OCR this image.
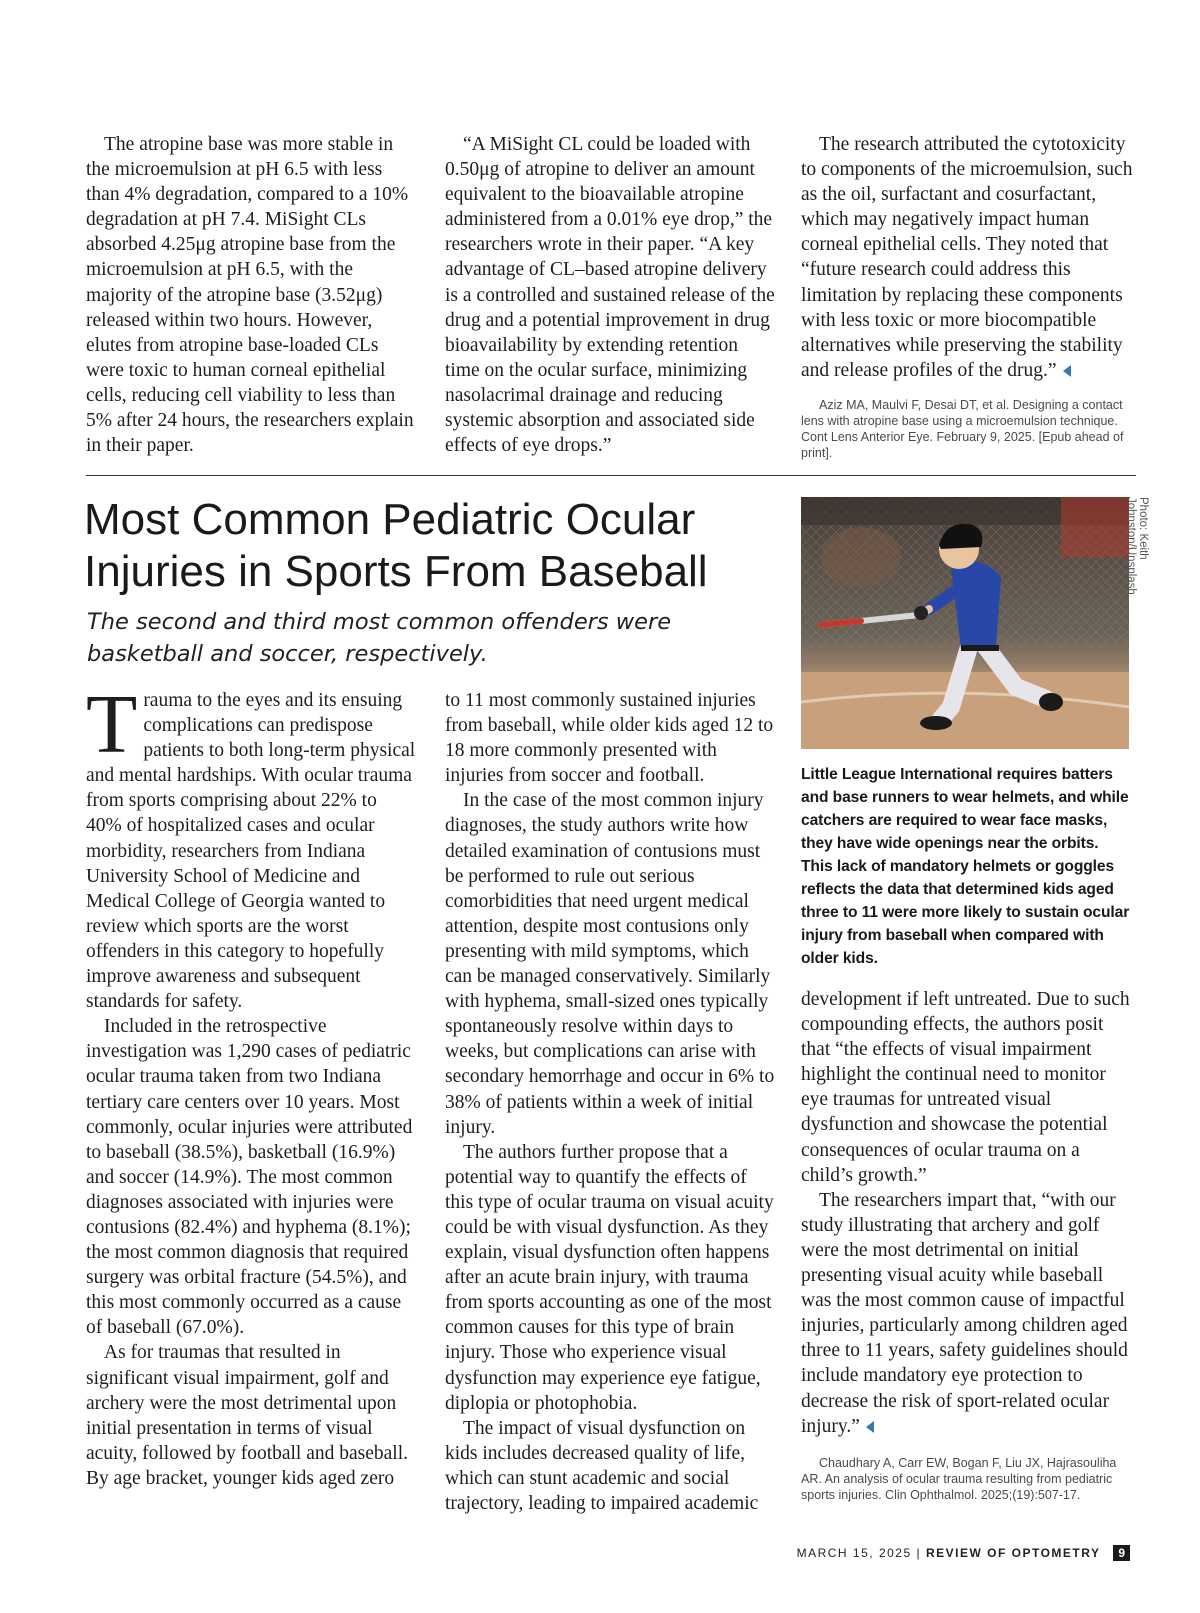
The atropine base was more stable in the microemulsion at pH 6.5 with less than 4% degradation, compared to a 10% degradation at pH 7.4. MiSight CLs absorbed 4.25μg atropine base from the microemulsion at pH 6.5, with the majority of the atropine base (3.52μg) released within two hours. However, elutes from atropine base-loaded CLs were toxic to human corneal epithelial cells, reducing cell viability to less than 5% after 24 hours, the researchers explain in their paper.

“A MiSight CL could be loaded with 0.50μg of atropine to deliver an amount equivalent to the bioavailable atropine administered from a 0.01% eye drop,” the researchers wrote in their paper. “A key advantage of CL–based atropine delivery is a controlled and sustained release of the drug and a potential improvement in drug bioavailability by extending retention time on the ocular surface, minimizing nasolacrimal drainage and reducing systemic absorption and associated side effects of eye drops.”

The research attributed the cytotoxicity to components of the microemulsion, such as the oil, surfactant and cosurfactant, which may negatively impact human corneal epithelial cells. They noted that “future research could address this limitation by replacing these components with less toxic or more biocompatible alternatives while preserving the stability and release profiles of the drug.”

Aziz MA, Maulvi F, Desai DT, et al. Designing a contact lens with atropine base using a microemulsion technique. Cont Lens Anterior Eye. February 9, 2025. [Epub ahead of print].

Most Common Pediatric Ocular Injuries in Sports From Baseball

The second and third most common offenders were basketball and soccer, respectively.

Trauma to the eyes and its ensuing complications can predispose patients to both long-term physical and mental hardships. With ocular trauma from sports comprising about 22% to 40% of hospitalized cases and ocular morbidity, researchers from Indiana University School of Medicine and Medical College of Georgia wanted to review which sports are the worst offenders in this category to hopefully improve awareness and subsequent standards for safety.

Included in the retrospective investigation was 1,290 cases of pediatric ocular trauma taken from two Indiana tertiary care centers over 10 years. Most commonly, ocular injuries were attributed to baseball (38.5%), basketball (16.9%) and soccer (14.9%). The most common diagnoses associated with injuries were contusions (82.4%) and hyphema (8.1%); the most common diagnosis that required surgery was orbital fracture (54.5%), and this most commonly occurred as a cause of baseball (67.0%).

As for traumas that resulted in significant visual impairment, golf and archery were the most detrimental upon initial presentation in terms of visual acuity, followed by football and baseball. By age bracket, younger kids aged zero

to 11 most commonly sustained injuries from baseball, while older kids aged 12 to 18 more commonly presented with injuries from soccer and football.

In the case of the most common injury diagnoses, the study authors write how detailed examination of contusions must be performed to rule out serious comorbidities that need urgent medical attention, despite most contusions only presenting with mild symptoms, which can be managed conservatively. Similarly with hyphema, small-sized ones typically spontaneously resolve within days to weeks, but complications can arise with secondary hemorrhage and occur in 6% to 38% of patients within a week of initial injury.

The authors further propose that a potential way to quantify the effects of this type of ocular trauma on visual acuity could be with visual dysfunction. As they explain, visual dysfunction often happens after an acute brain injury, with trauma from sports accounting as one of the most common causes for this type of brain injury. Those who experience visual dysfunction may experience eye fatigue, diplopia or photophobia.

The impact of visual dysfunction on kids includes decreased quality of life, which can stunt academic and social trajectory, leading to impaired academic

Photo: Keith Johnston/Unsplash

Little League International requires batters and base runners to wear helmets, and while catchers are required to wear face masks, they have wide openings near the orbits. This lack of mandatory helmets or goggles reflects the data that determined kids aged three to 11 were more likely to sustain ocular injury from baseball when compared with older kids.

development if left untreated. Due to such compounding effects, the authors posit that “the effects of visual impairment highlight the continual need to monitor eye traumas for untreated visual dysfunction and showcase the potential consequences of ocular trauma on a child’s growth.”

The researchers impart that, “with our study illustrating that archery and golf were the most detrimental on initial presenting visual acuity while baseball was the most common cause of impactful injuries, particularly among children aged three to 11 years, safety guidelines should include mandatory eye protection to decrease the risk of sport-related ocular injury.”

Chaudhary A, Carr EW, Bogan F, Liu JX, Hajrasouliha AR. An analysis of ocular trauma resulting from pediatric sports injuries. Clin Ophthalmol. 2025;(19):507-17.

MARCH 15, 2025 | REVIEW OF OPTOMETRY 9
